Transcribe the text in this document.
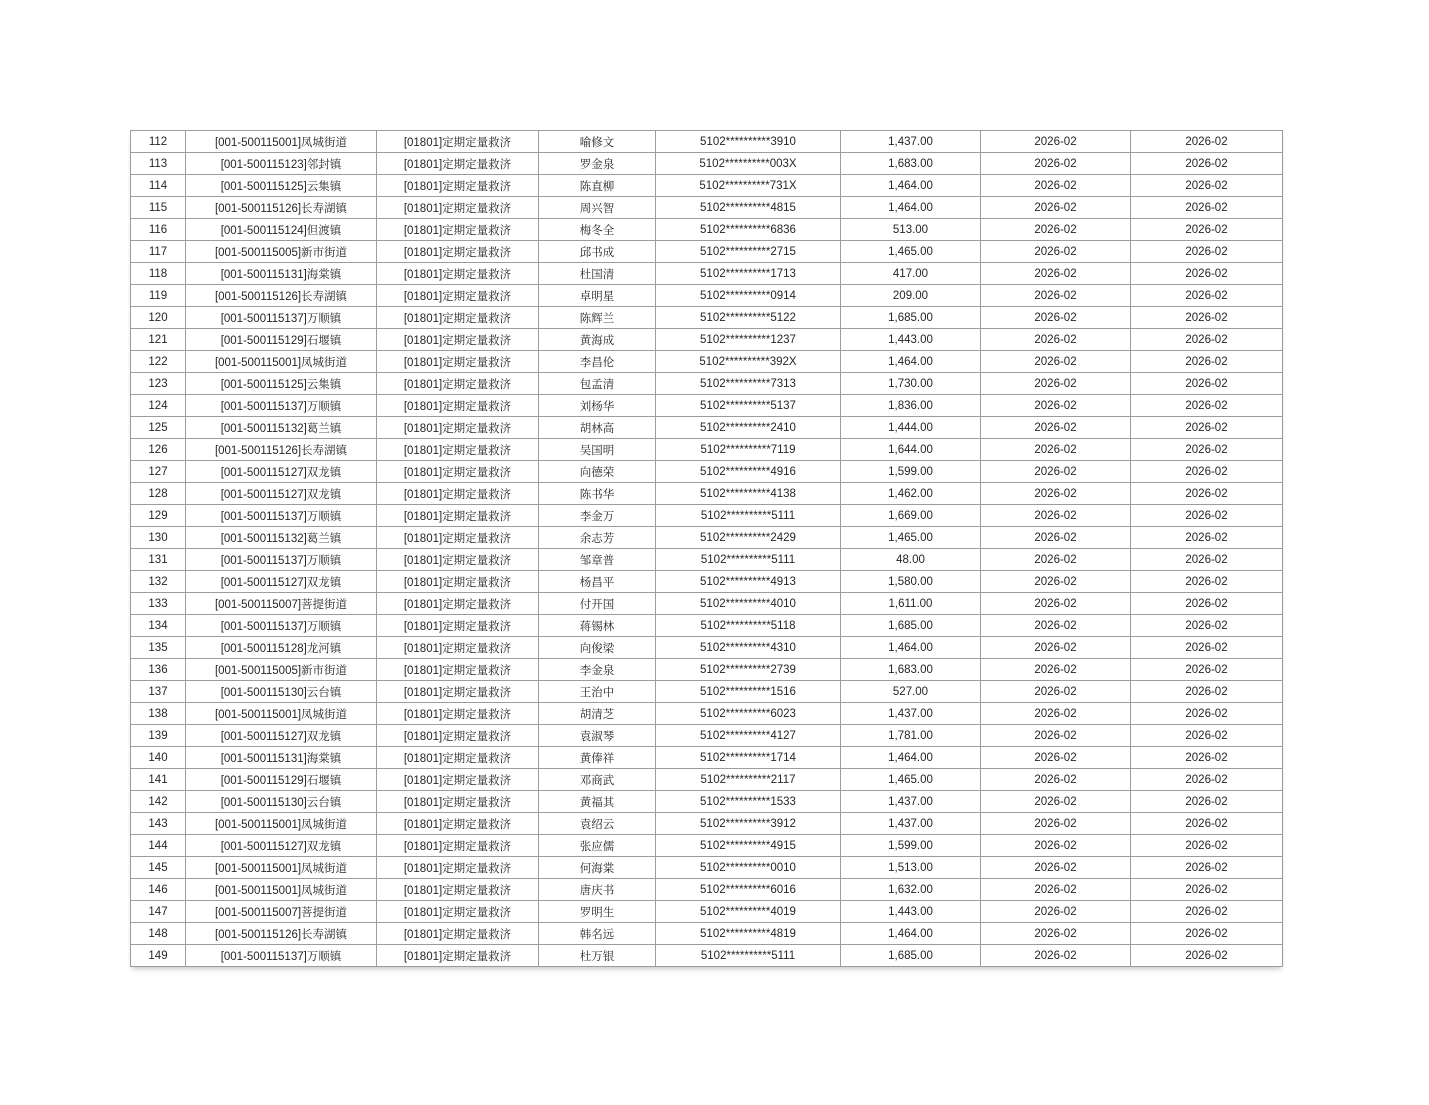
112	[001-500115001]凤城街道	[01801]定期定量救济	喻修文	5102**********3910	1,437.00	2026-02	2026-02
113	[001-500115123]邻封镇	[01801]定期定量救济	罗金泉	5102**********003X	1,683.00	2026-02	2026-02
114	[001-500115125]云集镇	[01801]定期定量救济	陈直柳	5102**********731X	1,464.00	2026-02	2026-02
115	[001-500115126]长寿湖镇	[01801]定期定量救济	周兴智	5102**********4815	1,464.00	2026-02	2026-02
116	[001-500115124]但渡镇	[01801]定期定量救济	梅冬全	5102**********6836	513.00	2026-02	2026-02
117	[001-500115005]新市街道	[01801]定期定量救济	邱书成	5102**********2715	1,465.00	2026-02	2026-02
118	[001-500115131]海棠镇	[01801]定期定量救济	杜国清	5102**********1713	417.00	2026-02	2026-02
119	[001-500115126]长寿湖镇	[01801]定期定量救济	卓明星	5102**********0914	209.00	2026-02	2026-02
120	[001-500115137]万顺镇	[01801]定期定量救济	陈辉兰	5102**********5122	1,685.00	2026-02	2026-02
121	[001-500115129]石堰镇	[01801]定期定量救济	黄海成	5102**********1237	1,443.00	2026-02	2026-02
122	[001-500115001]凤城街道	[01801]定期定量救济	李昌伦	5102**********392X	1,464.00	2026-02	2026-02
123	[001-500115125]云集镇	[01801]定期定量救济	包孟清	5102**********7313	1,730.00	2026-02	2026-02
124	[001-500115137]万顺镇	[01801]定期定量救济	刘杨华	5102**********5137	1,836.00	2026-02	2026-02
125	[001-500115132]葛兰镇	[01801]定期定量救济	胡林高	5102**********2410	1,444.00	2026-02	2026-02
126	[001-500115126]长寿湖镇	[01801]定期定量救济	吴国明	5102**********7119	1,644.00	2026-02	2026-02
127	[001-500115127]双龙镇	[01801]定期定量救济	向德荣	5102**********4916	1,599.00	2026-02	2026-02
128	[001-500115127]双龙镇	[01801]定期定量救济	陈书华	5102**********4138	1,462.00	2026-02	2026-02
129	[001-500115137]万顺镇	[01801]定期定量救济	李金万	5102**********5111	1,669.00	2026-02	2026-02
130	[001-500115132]葛兰镇	[01801]定期定量救济	余志芳	5102**********2429	1,465.00	2026-02	2026-02
131	[001-500115137]万顺镇	[01801]定期定量救济	邹章普	5102**********5111	48.00	2026-02	2026-02
132	[001-500115127]双龙镇	[01801]定期定量救济	杨昌平	5102**********4913	1,580.00	2026-02	2026-02
133	[001-500115007]菩提街道	[01801]定期定量救济	付开国	5102**********4010	1,611.00	2026-02	2026-02
134	[001-500115137]万顺镇	[01801]定期定量救济	蒋锡林	5102**********5118	1,685.00	2026-02	2026-02
135	[001-500115128]龙河镇	[01801]定期定量救济	向俊梁	5102**********4310	1,464.00	2026-02	2026-02
136	[001-500115005]新市街道	[01801]定期定量救济	李金泉	5102**********2739	1,683.00	2026-02	2026-02
137	[001-500115130]云台镇	[01801]定期定量救济	王治中	5102**********1516	527.00	2026-02	2026-02
138	[001-500115001]凤城街道	[01801]定期定量救济	胡清芝	5102**********6023	1,437.00	2026-02	2026-02
139	[001-500115127]双龙镇	[01801]定期定量救济	袁淑琴	5102**********4127	1,781.00	2026-02	2026-02
140	[001-500115131]海棠镇	[01801]定期定量救济	黄俸祥	5102**********1714	1,464.00	2026-02	2026-02
141	[001-500115129]石堰镇	[01801]定期定量救济	邓商武	5102**********2117	1,465.00	2026-02	2026-02
142	[001-500115130]云台镇	[01801]定期定量救济	黄福其	5102**********1533	1,437.00	2026-02	2026-02
143	[001-500115001]凤城街道	[01801]定期定量救济	袁绍云	5102**********3912	1,437.00	2026-02	2026-02
144	[001-500115127]双龙镇	[01801]定期定量救济	张应儒	5102**********4915	1,599.00	2026-02	2026-02
145	[001-500115001]凤城街道	[01801]定期定量救济	何海棠	5102**********0010	1,513.00	2026-02	2026-02
146	[001-500115001]凤城街道	[01801]定期定量救济	唐庆书	5102**********6016	1,632.00	2026-02	2026-02
147	[001-500115007]菩提街道	[01801]定期定量救济	罗明生	5102**********4019	1,443.00	2026-02	2026-02
148	[001-500115126]长寿湖镇	[01801]定期定量救济	韩名远	5102**********4819	1,464.00	2026-02	2026-02
149	[001-500115137]万顺镇	[01801]定期定量救济	杜万银	5102**********5111	1,685.00	2026-02	2026-02
